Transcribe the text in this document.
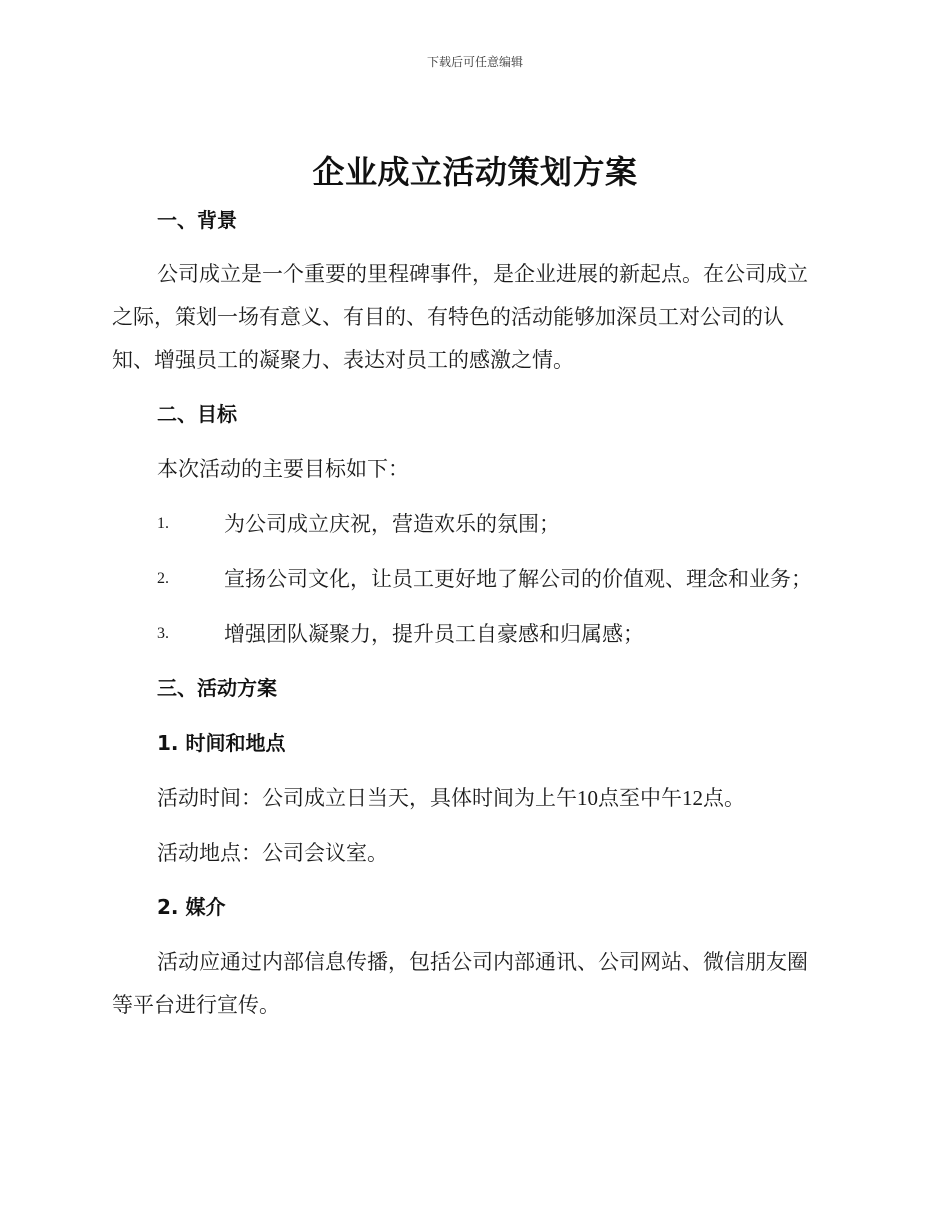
下载后可任意编辑
企业成立活动策划方案
一、背景
公司成立是一个重要的里程碑事件，是企业进展的新起点。在公司成立
之际，策划一场有意义、有目的、有特色的活动能够加深员工对公司的认
知、增强员工的凝聚力、表达对员工的感激之情。
二、目标
本次活动的主要目标如下：
1.	为公司成立庆祝，营造欢乐的氛围；
2.	宣扬公司文化，让员工更好地了解公司的价值观、理念和业务；
3.	增强团队凝聚力，提升员工自豪感和归属感；
三、活动方案
1. 时间和地点
活动时间：公司成立日当天，具体时间为上午10点至中午12点。
活动地点：公司会议室。
2. 媒介
活动应通过内部信息传播，包括公司内部通讯、公司网站、微信朋友圈
等平台进行宣传。
